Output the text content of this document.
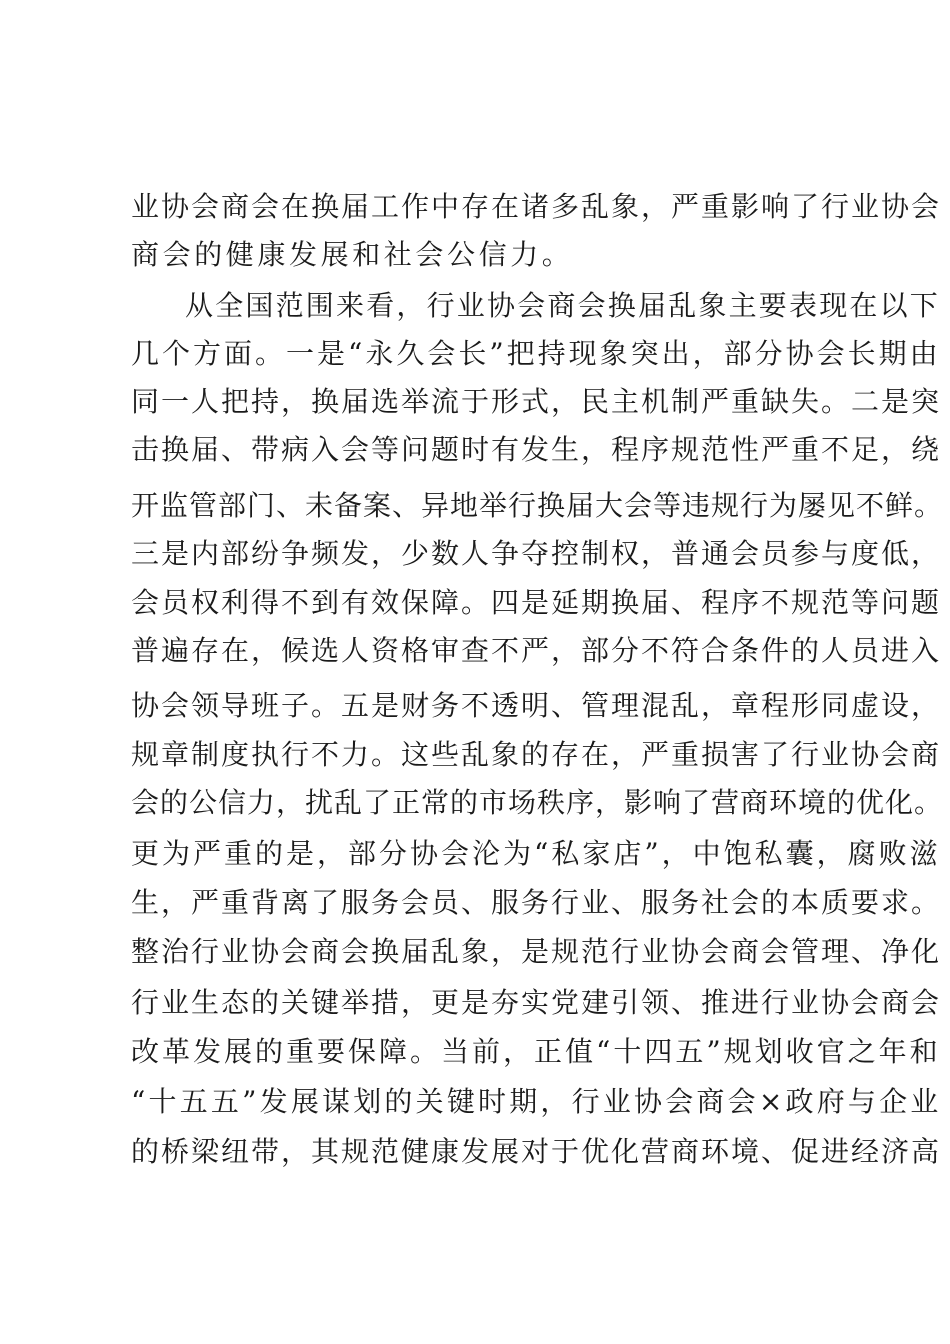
业协会商会在换届工作中存在诸多乱象，严重影响了行业协会
商会的健康发展和社会公信力。
从全国范围来看，行业协会商会换届乱象主要表现在以下
几个方面。一是“永久会长”把持现象突出，部分协会长期由
同一人把持，换届选举流于形式，民主机制严重缺失。二是突
击换届、带病入会等问题时有发生，程序规范性严重不足，绕
开监管部门、未备案、异地举行换届大会等违规行为屡见不鲜。
三是内部纷争频发，少数人争夺控制权，普通会员参与度低，
会员权利得不到有效保障。四是延期换届、程序不规范等问题
普遍存在，候选人资格审查不严，部分不符合条件的人员进入
协会领导班子。五是财务不透明、管理混乱，章程形同虚设，
规章制度执行不力。这些乱象的存在，严重损害了行业协会商
会的公信力，扰乱了正常的市场秩序，影响了营商环境的优化。
更为严重的是，部分协会沦为“私家店”，中饱私囊，腐败滋
生，严重背离了服务会员、服务行业、服务社会的本质要求。
整治行业协会商会换届乱象，是规范行业协会商会管理、净化
行业生态的关键举措，更是夯实党建引领、推进行业协会商会
改革发展的重要保障。当前，正值“十四五”规划收官之年和
“十五五”发展谋划的关键时期，行业协会商会×政府与企业
的桥梁纽带，其规范健康发展对于优化营商环境、促进经济高
